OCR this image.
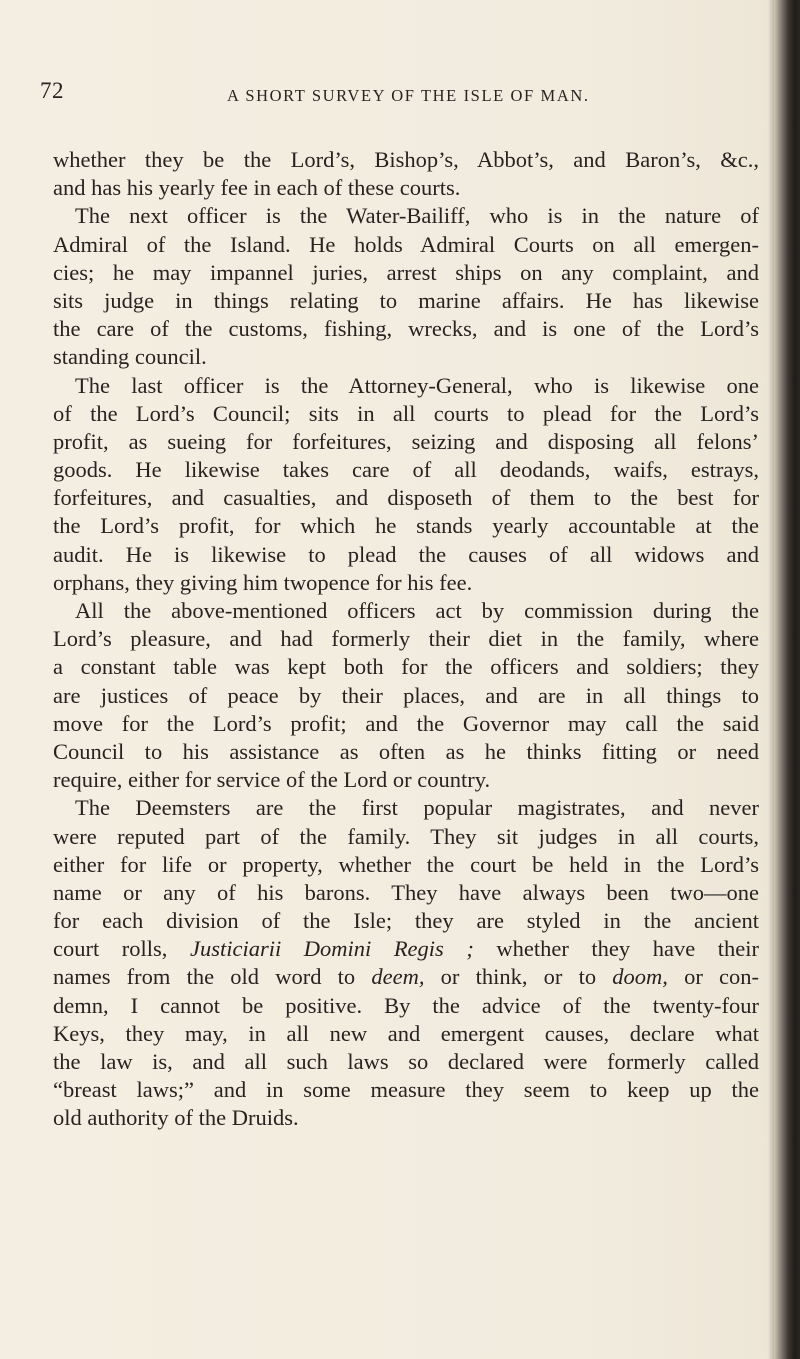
72	A SHORT SURVEY OF THE ISLE OF MAN.
whether they be the Lord’s, Bishop’s, Abbot’s, and Baron’s, &c.,
and has his yearly fee in each of these courts.
The next officer is the Water-Bailiff, who is in the nature of
Admiral of the Island. He holds Admiral Courts on all emergen-
cies; he may impannel juries, arrest ships on any complaint, and
sits judge in things relating to marine affairs. He has likewise
the care of the customs, fishing, wrecks, and is one of the Lord’s
standing council.
The last officer is the Attorney-General, who is likewise one
of the Lord’s Council; sits in all courts to plead for the Lord’s
profit, as sueing for forfeitures, seizing and disposing all felons’
goods. He likewise takes care of all deodands, waifs, estrays,
forfeitures, and casualties, and disposeth of them to the best for
the Lord’s profit, for which he stands yearly accountable at the
audit. He is likewise to plead the causes of all widows and
orphans, they giving him twopence for his fee.
All the above-mentioned officers act by commission during the
Lord’s pleasure, and had formerly their diet in the family, where
a constant table was kept both for the officers and soldiers; they
are justices of peace by their places, and are in all things to
move for the Lord’s profit; and the Governor may call the said
Council to his assistance as often as he thinks fitting or need
require, either for service of the Lord or country.
The Deemsters are the first popular magistrates, and never
were reputed part of the family. They sit judges in all courts,
either for life or property, whether the court be held in the Lord’s
name or any of his barons. They have always been two—one
for each division of the Isle; they are styled in the ancient
court rolls, Justiciarii Domini Regis ; whether they have their
names from the old word to deem, or think, or to doom, or con-
demn, I cannot be positive. By the advice of the twenty-four
Keys, they may, in all new and emergent causes, declare what
the law is, and all such laws so declared were formerly called
“breast laws;” and in some measure they seem to keep up the
old authority of the Druids.
